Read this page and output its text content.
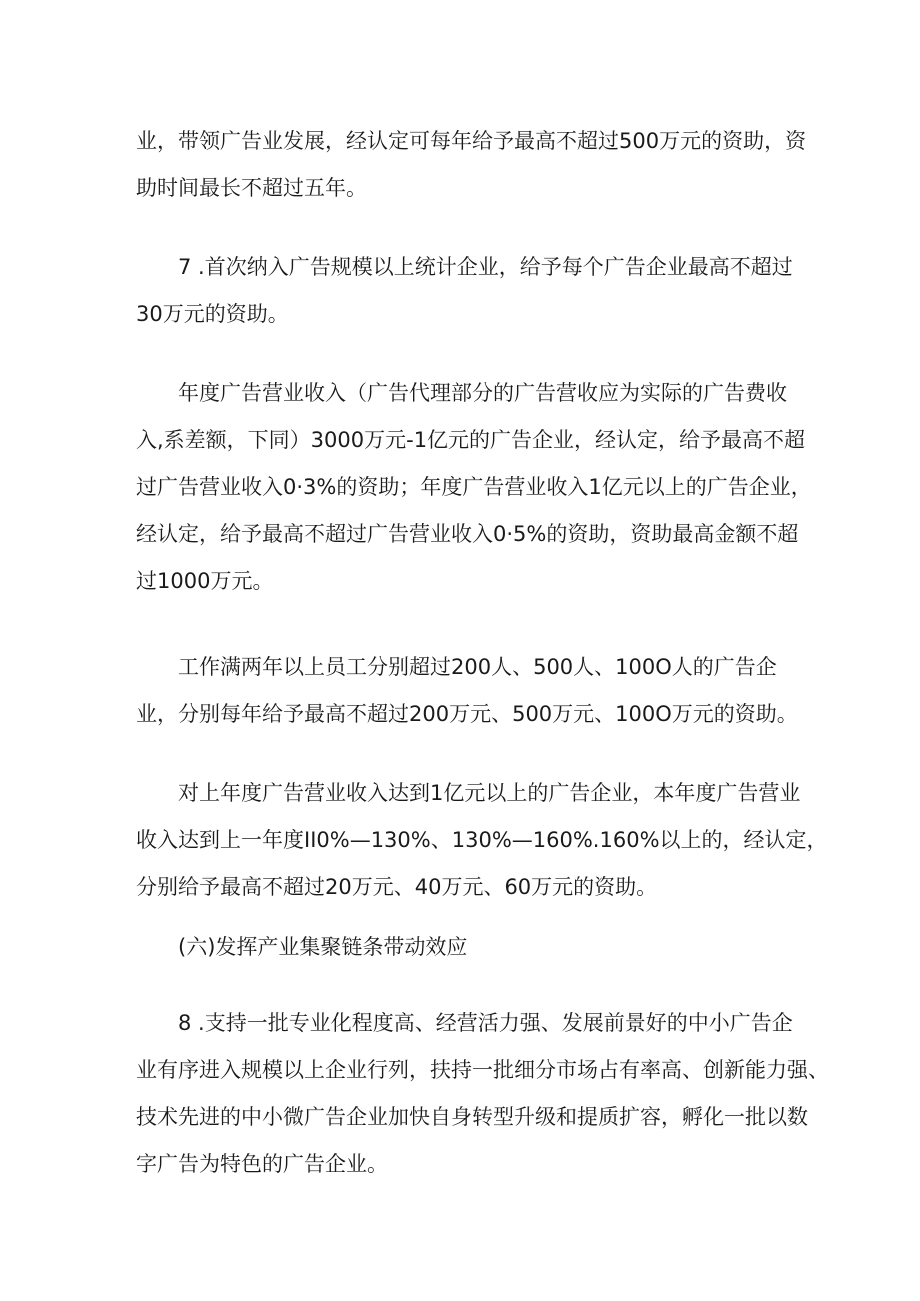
业，带领广告业发展，经认定可每年给予最高不超过500万元的资助，资
助时间最长不超过五年。
7 .首次纳入广告规模以上统计企业，给予每个广告企业最高不超过
30万元的资助。
年度广告营业收入（广告代理部分的广告营收应为实际的广告费收
入,系差额，下同）3000万元-1亿元的广告企业，经认定，给予最高不超
过广告营业收入0·3%的资助；年度广告营业收入1亿元以上的广告企业，
经认定，给予最高不超过广告营业收入0·5%的资助，资助最高金额不超
过1000万元。
工作满两年以上员工分别超过200人、500人、100O人的广告企
业，分别每年给予最高不超过200万元、500万元、100O万元的资助。
对上年度广告营业收入达到1亿元以上的广告企业，本年度广告营业
收入达到上一年度II0%—130%、130%—160%.160%以上的，经认定，
分别给予最高不超过20万元、40万元、60万元的资助。
(六)发挥产业集聚链条带动效应
8 .支持一批专业化程度高、经营活力强、发展前景好的中小广告企
业有序进入规模以上企业行列，扶持一批细分市场占有率高、创新能力强、
技术先进的中小微广告企业加快自身转型升级和提质扩容，孵化一批以数
字广告为特色的广告企业。
